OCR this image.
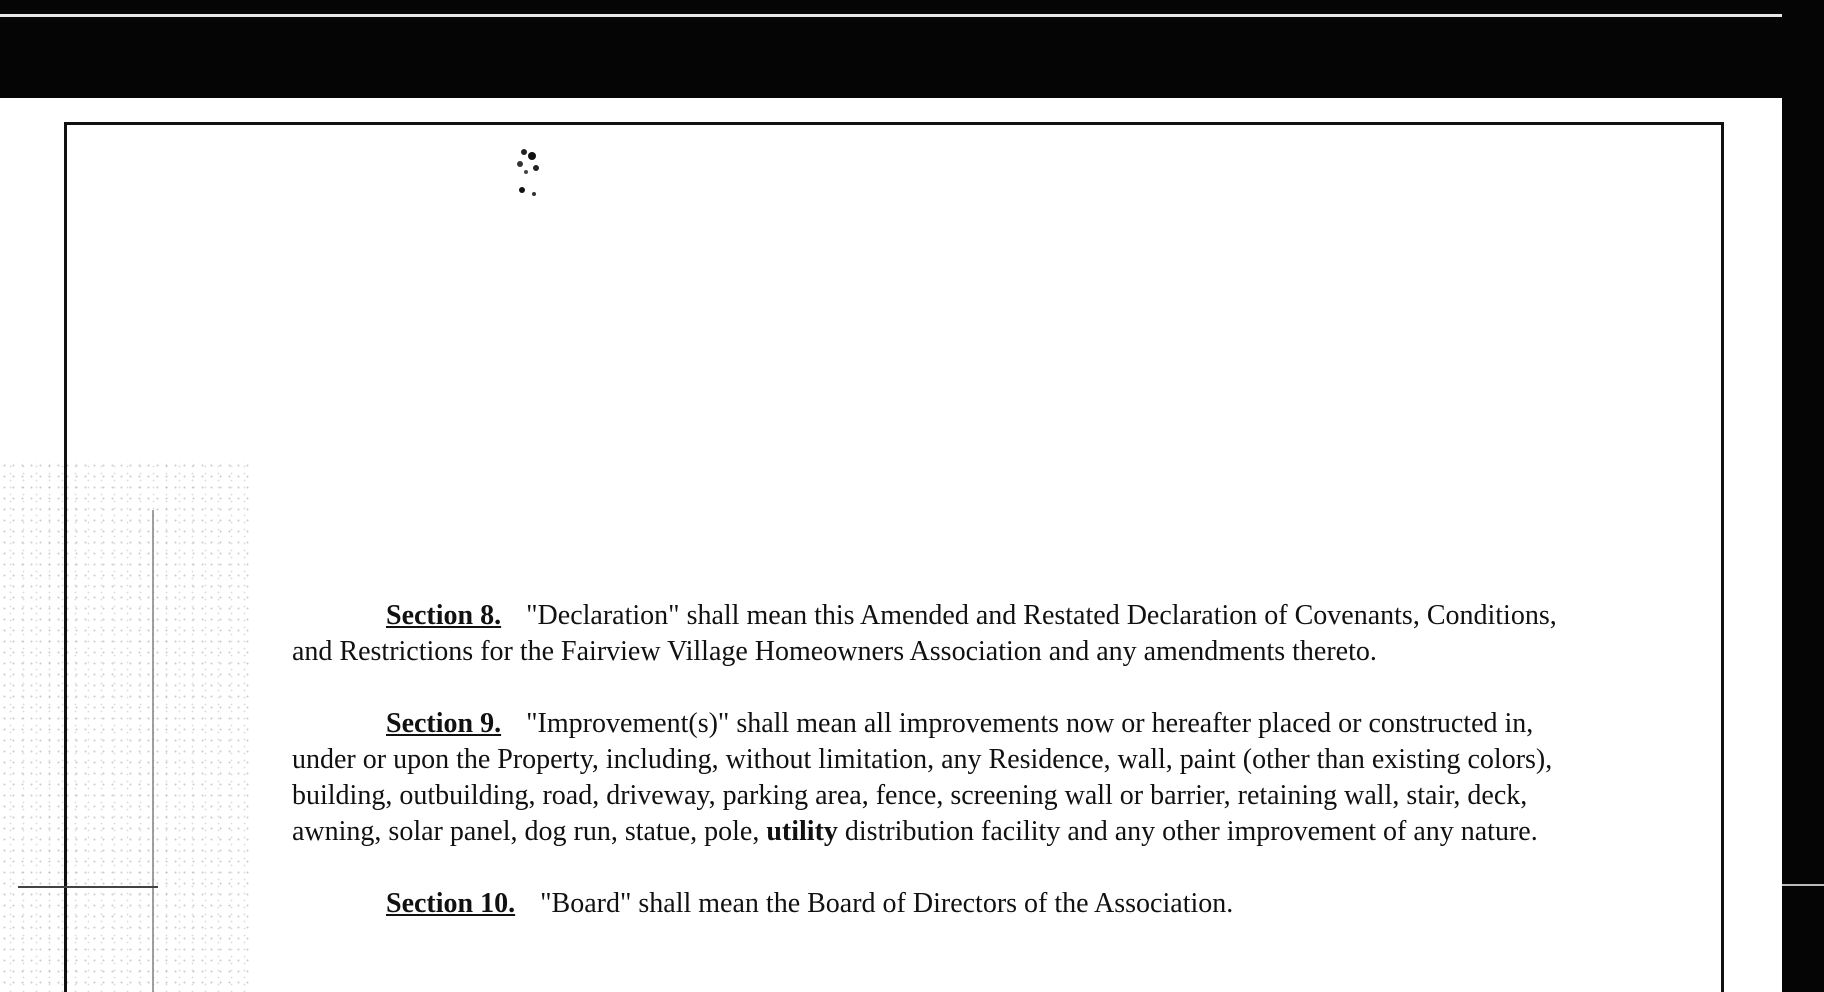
Section 8. "Declaration" shall mean this Amended and Restated Declaration of Covenants, Conditions, and Restrictions for the Fairview Village Homeowners Association and any amendments thereto.

Section 9. "Improvement(s)" shall mean all improvements now or hereafter placed or constructed in, under or upon the Property, including, without limitation, any Residence, wall, paint (other than existing colors), building, outbuilding, road, driveway, parking area, fence, screening wall or barrier, retaining wall, stair, deck, awning, solar panel, dog run, statue, pole, utility distribution facility and any other improvement of any nature.

Section 10. "Board" shall mean the Board of Directors of the Association.
